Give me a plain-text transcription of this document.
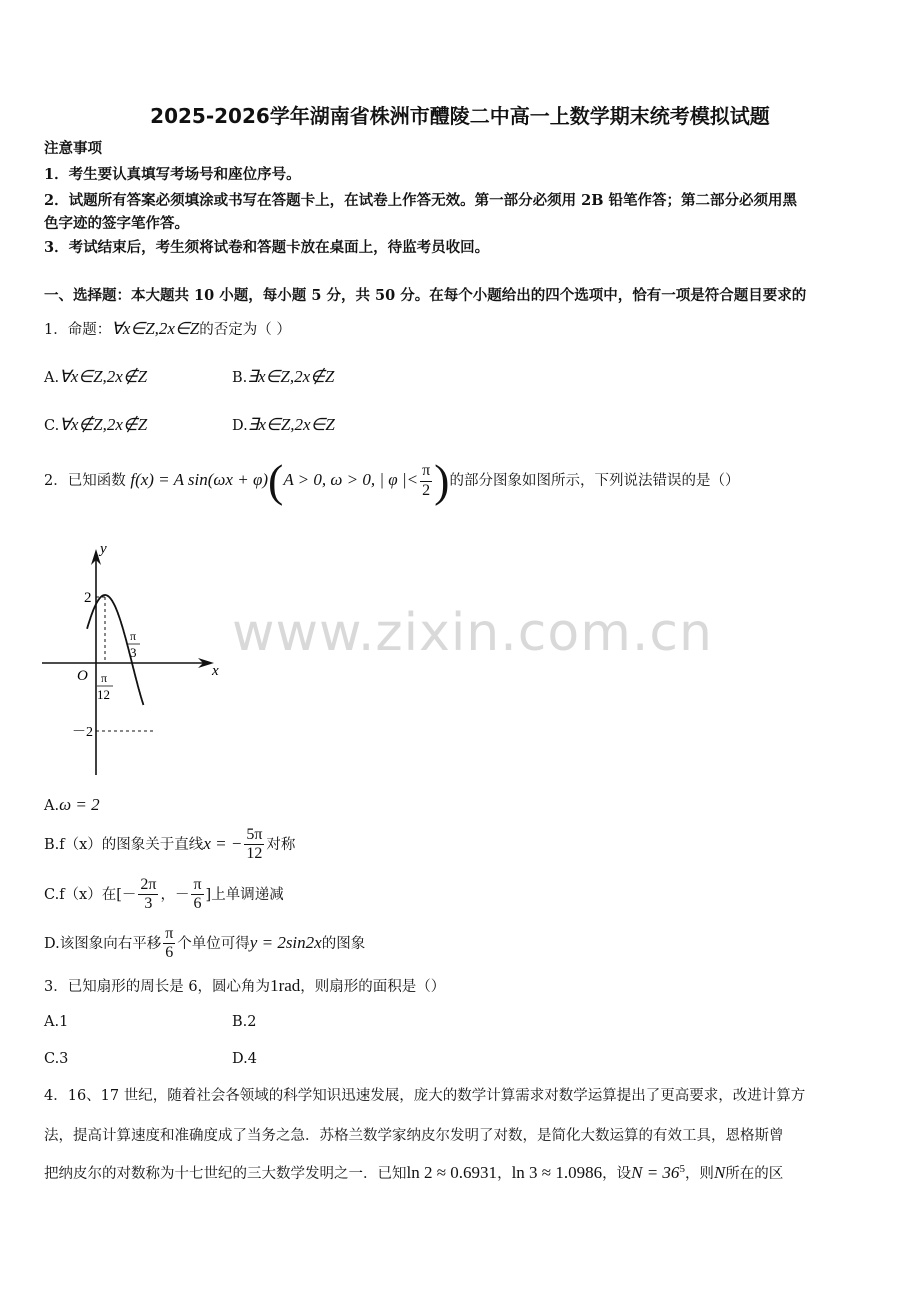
2025-2026学年湖南省株洲市醴陵二中高一上数学期末统考模拟试题
注意事项
1．考生要认真填写考场号和座位序号。
2．试题所有答案必须填涂或书写在答题卡上，在试卷上作答无效。第一部分必须用 2B 铅笔作答；第二部分必须用黑
色字迹的签字笔作答。
3．考试结束后，考生须将试卷和答题卡放在桌面上，待监考员收回。
一、选择题：本大题共 10 小题，每小题 5 分，共 50 分。在每个小题给出的四个选项中，恰有一项是符合题目要求的
1．命题：∀x∈Z,2x∈Z的否定为（ ）
A.∀x∈Z,2x∉Z	B.∃x∈Z,2x∉Z
C.∀x∉Z,2x∉Z	D.∃x∈Z,2x∈Z
2．已知函数 f(x) = A sin(ωx + φ)(A > 0, ω > 0, | φ |< $\frac{\pi}{2}$ )的部分图象如图所示，下列说法错误的是（）
y
x
O
2
－2
π
12
π
3
A.ω = 2
B.f（x）的图象关于直线x = − $\frac{5\pi}{12}$ 对称
C.f（x）在[－ $\frac{2\pi}{3}$ ，－ $\frac{\pi}{6}$ ]上单调递减
D.该图象向右平移 $\frac{\pi}{6}$ 个单位可得y = 2sin2x的图象
3．已知扇形的周长是 6，圆心角为1rad，则扇形的面积是（）
A.1	B.2
C.3	D.4
4．16、17 世纪，随着社会各领域的科学知识迅速发展，庞大的数学计算需求对数学运算提出了更高要求，改进计算方
法，提高计算速度和准确度成了当务之急．苏格兰数学家纳皮尔发明了对数，是简化大数运算的有效工具，恩格斯曾
把纳皮尔的对数称为十七世纪的三大数学发明之一．已知ln 2 ≈ 0.6931，ln 3 ≈ 1.0986，设$N = 36^5$，则N所在的区
www.zixin.com.cn
